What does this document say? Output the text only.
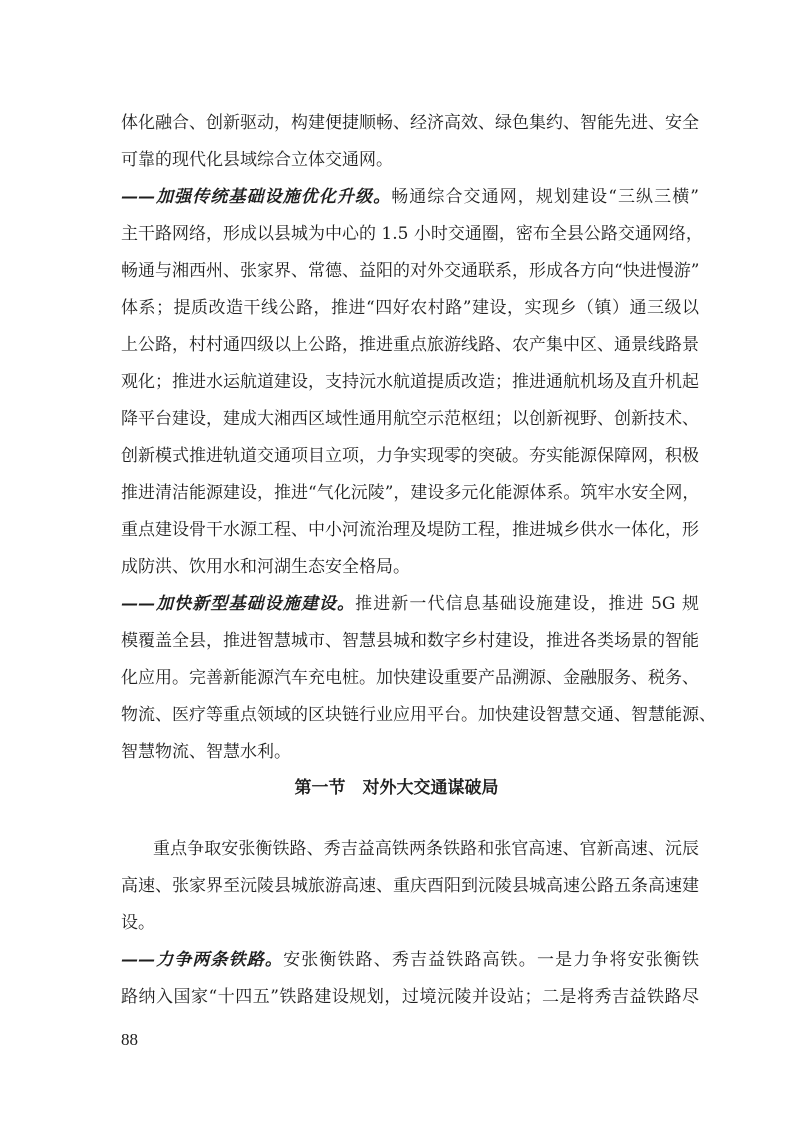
体化融合、创新驱动，构建便捷顺畅、经济高效、绿色集约、智能先进、安全
可靠的现代化县域综合立体交通网。
——加强传统基础设施优化升级。畅通综合交通网，规划建设“三纵三横”
主干路网络，形成以县城为中心的 1.5 小时交通圈，密布全县公路交通网络，
畅通与湘西州、张家界、常德、益阳的对外交通联系，形成各方向“快进慢游”
体系；提质改造干线公路，推进“四好农村路”建设，实现乡（镇）通三级以
上公路，村村通四级以上公路，推进重点旅游线路、农产集中区、通景线路景
观化；推进水运航道建设，支持沅水航道提质改造；推进通航机场及直升机起
降平台建设，建成大湘西区域性通用航空示范枢纽；以创新视野、创新技术、
创新模式推进轨道交通项目立项，力争实现零的突破。夯实能源保障网，积极
推进清洁能源建设，推进“气化沅陵”，建设多元化能源体系。筑牢水安全网，
重点建设骨干水源工程、中小河流治理及堤防工程，推进城乡供水一体化，形
成防洪、饮用水和河湖生态安全格局。
——加快新型基础设施建设。推进新一代信息基础设施建设，推进 5G 规
模覆盖全县，推进智慧城市、智慧县城和数字乡村建设，推进各类场景的智能
化应用。完善新能源汽车充电桩。加快建设重要产品溯源、金融服务、税务、
物流、医疗等重点领域的区块链行业应用平台。加快建设智慧交通、智慧能源、
智慧物流、智慧水利。
第一节　对外大交通谋破局
重点争取安张衡铁路、秀吉益高铁两条铁路和张官高速、官新高速、沅辰
高速、张家界至沅陵县城旅游高速、重庆酉阳到沅陵县城高速公路五条高速建
设。
——力争两条铁路。安张衡铁路、秀吉益铁路高铁。一是力争将安张衡铁
路纳入国家“十四五”铁路建设规划，过境沅陵并设站；二是将秀吉益铁路尽
88
